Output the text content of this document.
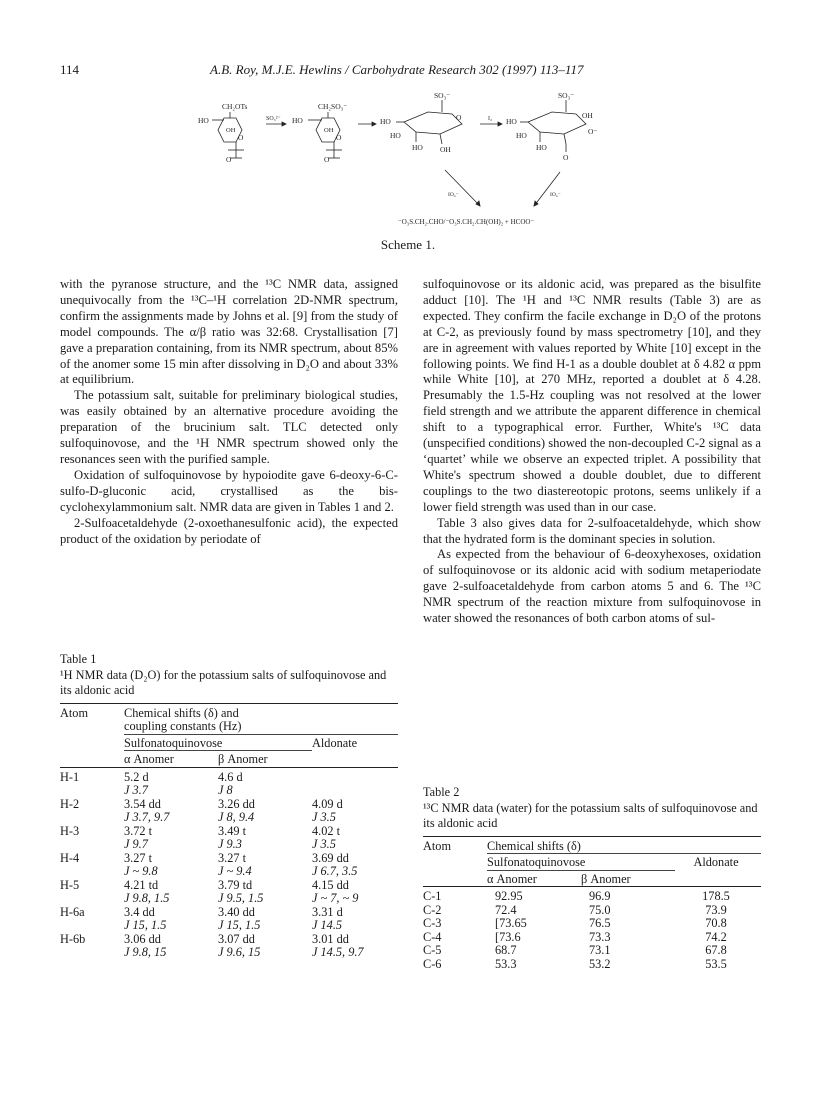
114	A.B. Roy, M.J.E. Hewlins / Carbohydrate Research 302 (1997) 113–117
CH₂OTs
HO
OH
O
O
SO₃²⁻
CH₂SO₃⁻
HO
OH
O
O
SO₃⁻
HO	O
HO
HO OH
I₂
SO₃⁻
HO
OH
O⁻
HO
HO
O
IO₄⁻	IO₄⁻
⁻O₃S.CH₂.CHO/⁻O₃S.CH₂.CH(OH)₂ + HCOO⁻
Scheme 1.

with the pyranose structure, and the ¹³C NMR data, assigned unequivocally from the ¹³C–¹H correlation 2D-NMR spectrum, confirm the assignments made by Johns et al. [9] from the study of model compounds. The α/β ratio was 32:68. Crystallisation [7] gave a preparation containing, from its NMR spectrum, about 85% of the anomer some 15 min after dissolving in D₂O and about 33% at equilibrium.

The potassium salt, suitable for preliminary biological studies, was easily obtained by an alternative procedure avoiding the preparation of the brucinium salt. TLC detected only sulfoquinovose, and the ¹H NMR spectrum showed only the resonances seen with the purified sample.

Oxidation of sulfoquinovose by hypoiodite gave 6-deoxy-6-C-sulfo-D-gluconic acid, crystallised as the bis-cyclohexylammonium salt. NMR data are given in Tables 1 and 2.

2-Sulfoacetaldehyde (2-oxoethanesulfonic acid), the expected product of the oxidation by periodate of

Table 1
¹H NMR data (D₂O) for the potassium salts of sulfoquinovose and its aldonic acid
Atom	Chemical shifts (δ) and coupling constants (Hz)		
	Sulfonatoquinovose		Aldonate
	α Anomer	β Anomer	
H-1	5.2 d	4.6 d	
	J 3.7	J 8	
H-2	3.54 dd	3.26 dd	4.09 d
	J 3.7, 9.7	J 8, 9.4	J 3.5
H-3	3.72 t	3.49 t	4.02 t
	J 9.7	J 9.3	J 3.5
H-4	3.27 t	3.27 t	3.69 dd
	J ~ 9.8	J ~ 9.4	J 6.7, 3.5
H-5	4.21 td	3.79 td	4.15 dd
	J 9.8, 1.5	J 9.5, 1.5	J ~ 7, ~ 9
H-6a	3.4 dd	3.40 dd	3.31 d
	J 15, 1.5	J 15, 1.5	J 14.5
H-6b	3.06 dd	3.07 dd	3.01 dd
	J 9.8, 15	J 9.6, 15	J 14.5, 9.7

sulfoquinovose or its aldonic acid, was prepared as the bisulfite adduct [10]. The ¹H and ¹³C NMR results (Table 3) are as expected. They confirm the facile exchange in D₂O of the protons at C-2, as previously found by mass spectrometry [10], and they are in agreement with values reported by White [10] except in the following points. We find H-1 as a double doublet at δ 4.82 α ppm while White [10], at 270 MHz, reported a doublet at δ 4.28. Presumably the 1.5-Hz coupling was not resolved at the lower field strength and we attribute the apparent difference in chemical shift to a typographical error. Further, White's ¹³C data (unspecified conditions) showed the non-decoupled C-2 signal as a ‘quartet’ while we observe an expected triplet. A possibility that White's spectrum showed a double doublet, due to different couplings to the two diastereotopic protons, seems unlikely if a lower field strength was used than in our case.

Table 3 also gives data for 2-sulfoacetaldehyde, which show that the hydrated form is the dominant species in solution.

As expected from the behaviour of 6-deoxyhexoses, oxidation of sulfoquinovose or its aldonic acid with sodium metaperiodate gave 2-sulfoacetaldehyde from carbon atoms 5 and 6. The ¹³C NMR spectrum of the reaction mixture from sulfoquinovose in water showed the resonances of both carbon atoms of sul-

Table 2
¹³C NMR data (water) for the potassium salts of sulfoquinovose and its aldonic acid
Atom	Chemical shifts (δ)		
	Sulfonatoquinovose		Aldonate
	α Anomer	β Anomer	
C-1	92.95	96.9	178.5
C-2	72.4	75.0	73.9
C-3	[73.65	76.5	70.8
C-4	[73.6	73.3	74.2
C-5	68.7	73.1	67.8
C-6	53.3	53.2	53.5
